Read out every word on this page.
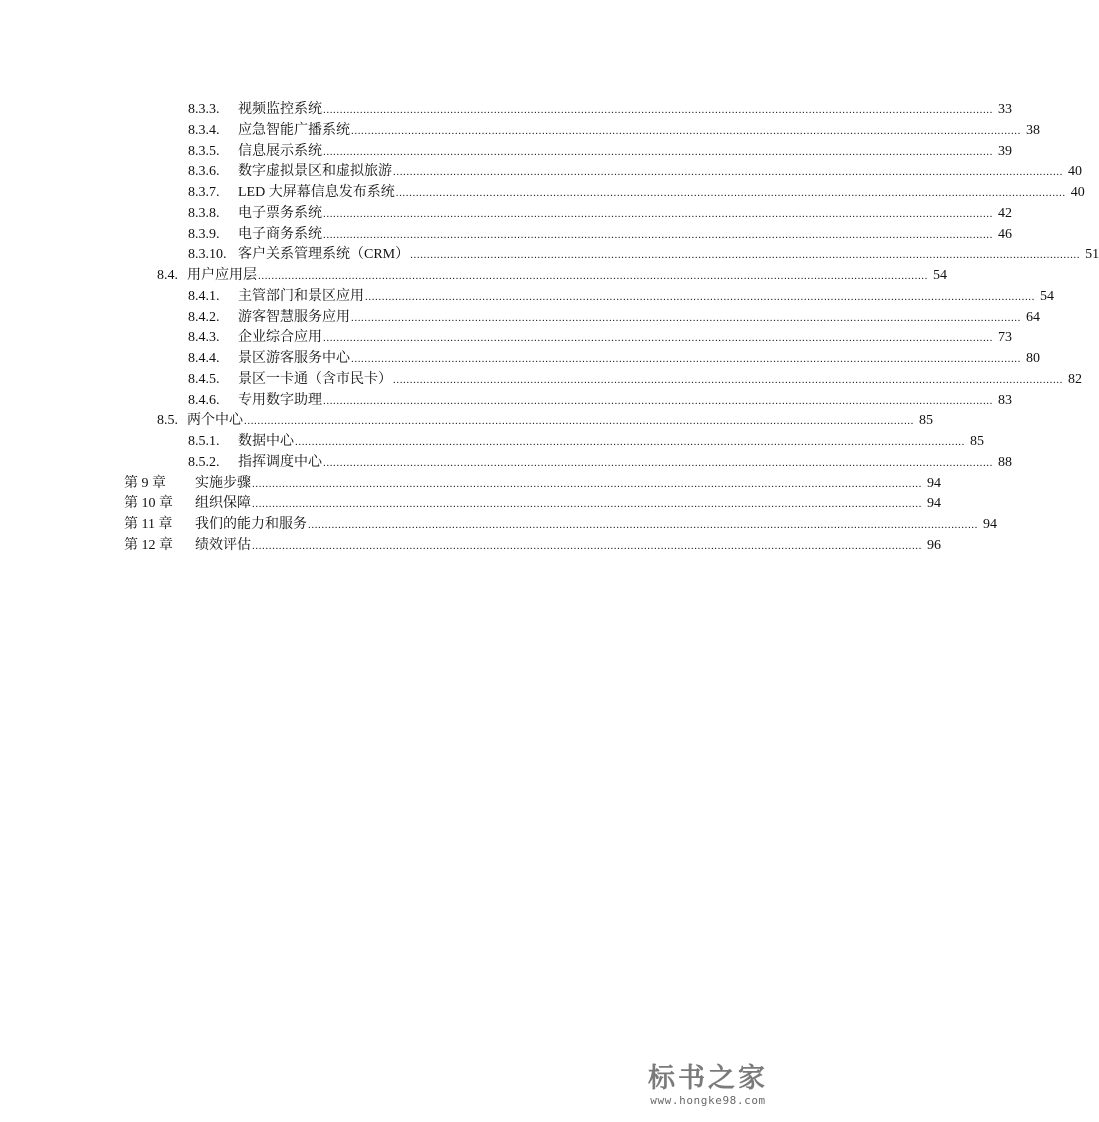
8.3.3.	视频监控系统 ........................................................................................................................................................................................................ 33
8.3.4.	应急智能广播系统 ........................................................................................................................................................................................................ 38
8.3.5.	信息展示系统 ........................................................................................................................................................................................................ 39
8.3.6.	数字虚拟景区和虚拟旅游 ........................................................................................................................................................................................................ 40
8.3.7.	LED 大屏幕信息发布系统 ........................................................................................................................................................................................................ 40
8.3.8.	电子票务系统 ........................................................................................................................................................................................................ 42
8.3.9.	电子商务系统 ........................................................................................................................................................................................................ 46
8.3.10. 客户关系管理系统（CRM） ........................................................................................................................................................................................................ 51
8.4. 用户应用层 ........................................................................................................................................................................................................ 54
8.4.1.	主管部门和景区应用 ........................................................................................................................................................................................................ 54
8.4.2.	游客智慧服务应用 ........................................................................................................................................................................................................ 64
8.4.3.	企业综合应用 ........................................................................................................................................................................................................ 73
8.4.4.	景区游客服务中心 ........................................................................................................................................................................................................ 80
8.4.5.	景区一卡通（含市民卡） ........................................................................................................................................................................................................ 82
8.4.6.	专用数字助理 ........................................................................................................................................................................................................ 83
8.5. 两个中心 ........................................................................................................................................................................................................ 85
8.5.1.	数据中心 ........................................................................................................................................................................................................ 85
8.5.2.	指挥调度中心 ........................................................................................................................................................................................................ 88
第 9 章	实施步骤 ........................................................................................................................................................................................................ 94
第 10 章	组织保障 ........................................................................................................................................................................................................ 94
第 11 章	我们的能力和服务 ........................................................................................................................................................................................................ 94
第 12 章	绩效评估 ........................................................................................................................................................................................................ 96
标书之家
www.hongke98.com
